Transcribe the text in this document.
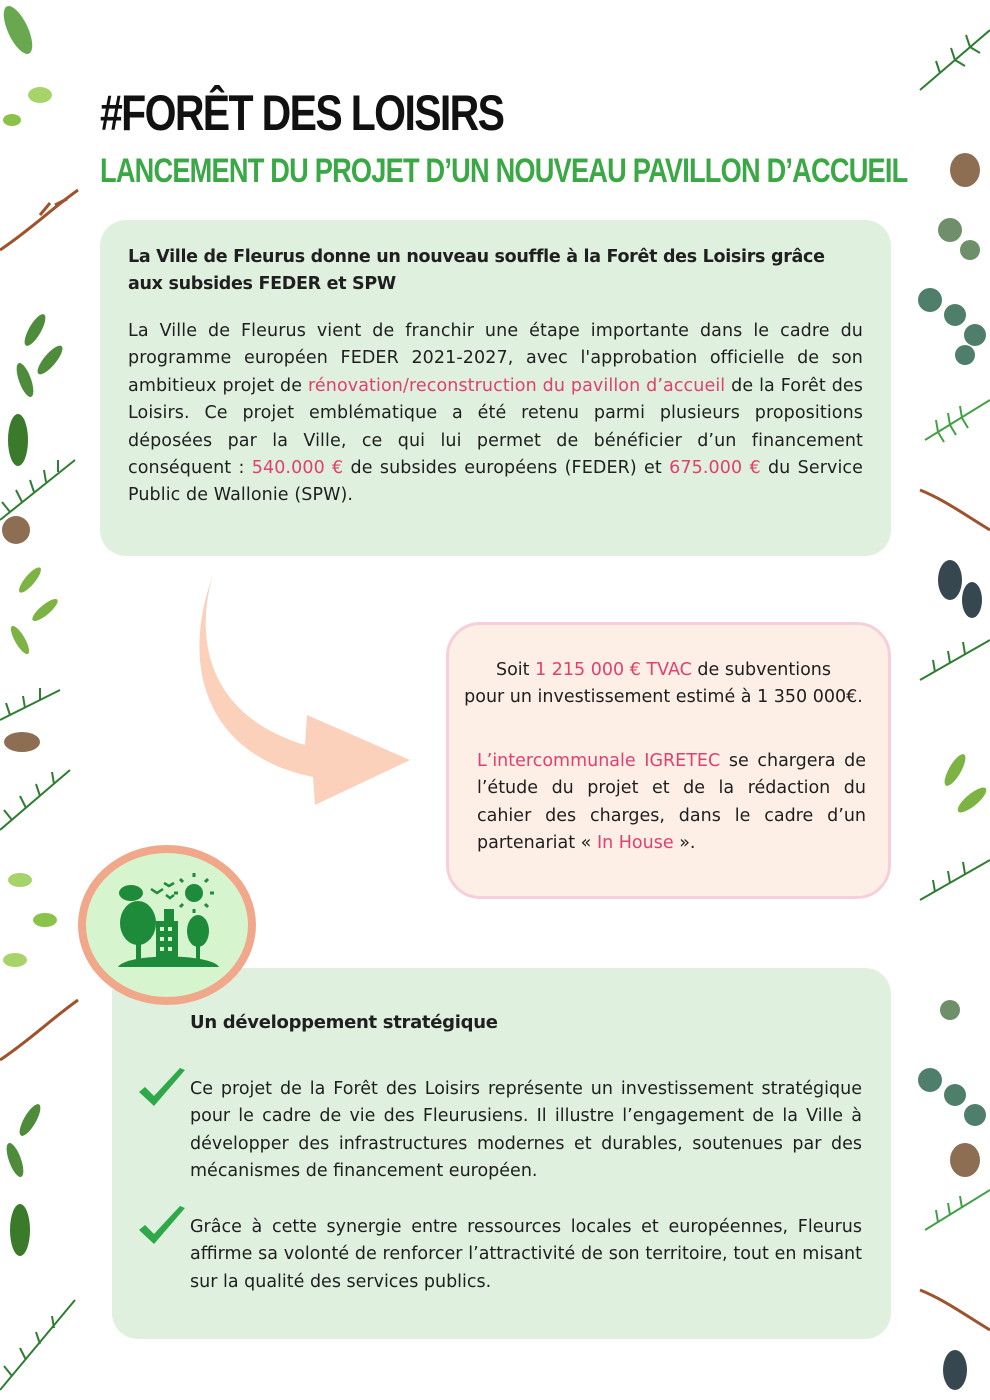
#FORÊT DES LOISIRS
LANCEMENT DU PROJET D’UN NOUVEAU PAVILLON D’ACCUEIL

La Ville de Fleurus donne un nouveau souffle à la Forêt des Loisirs grâce aux subsides FEDER et SPW

La Ville de Fleurus vient de franchir une étape importante dans le cadre du programme européen FEDER 2021-2027, avec l'approbation officielle de son ambitieux projet de rénovation/reconstruction du pavillon d’accueil de la Forêt des Loisirs. Ce projet emblématique a été retenu parmi plusieurs propositions déposées par la Ville, ce qui lui permet de bénéficier d’un financement conséquent : 540.000 € de subsides européens (FEDER) et 675.000 € du Service Public de Wallonie (SPW).

Soit 1 215 000 € TVAC de subventions
pour un investissement estimé à 1 350 000€.

L’intercommunale IGRETEC se chargera de l’étude du projet et de la rédaction du cahier des charges, dans le cadre d’un partenariat « In House ».

Un développement stratégique

Ce projet de la Forêt des Loisirs représente un investissement stratégique pour le cadre de vie des Fleurusiens. Il illustre l’engagement de la Ville à développer des infrastructures modernes et durables, soutenues par des mécanismes de financement européen.

Grâce à cette synergie entre ressources locales et européennes, Fleurus affirme sa volonté de renforcer l’attractivité de son territoire, tout en misant sur la qualité des services publics.
